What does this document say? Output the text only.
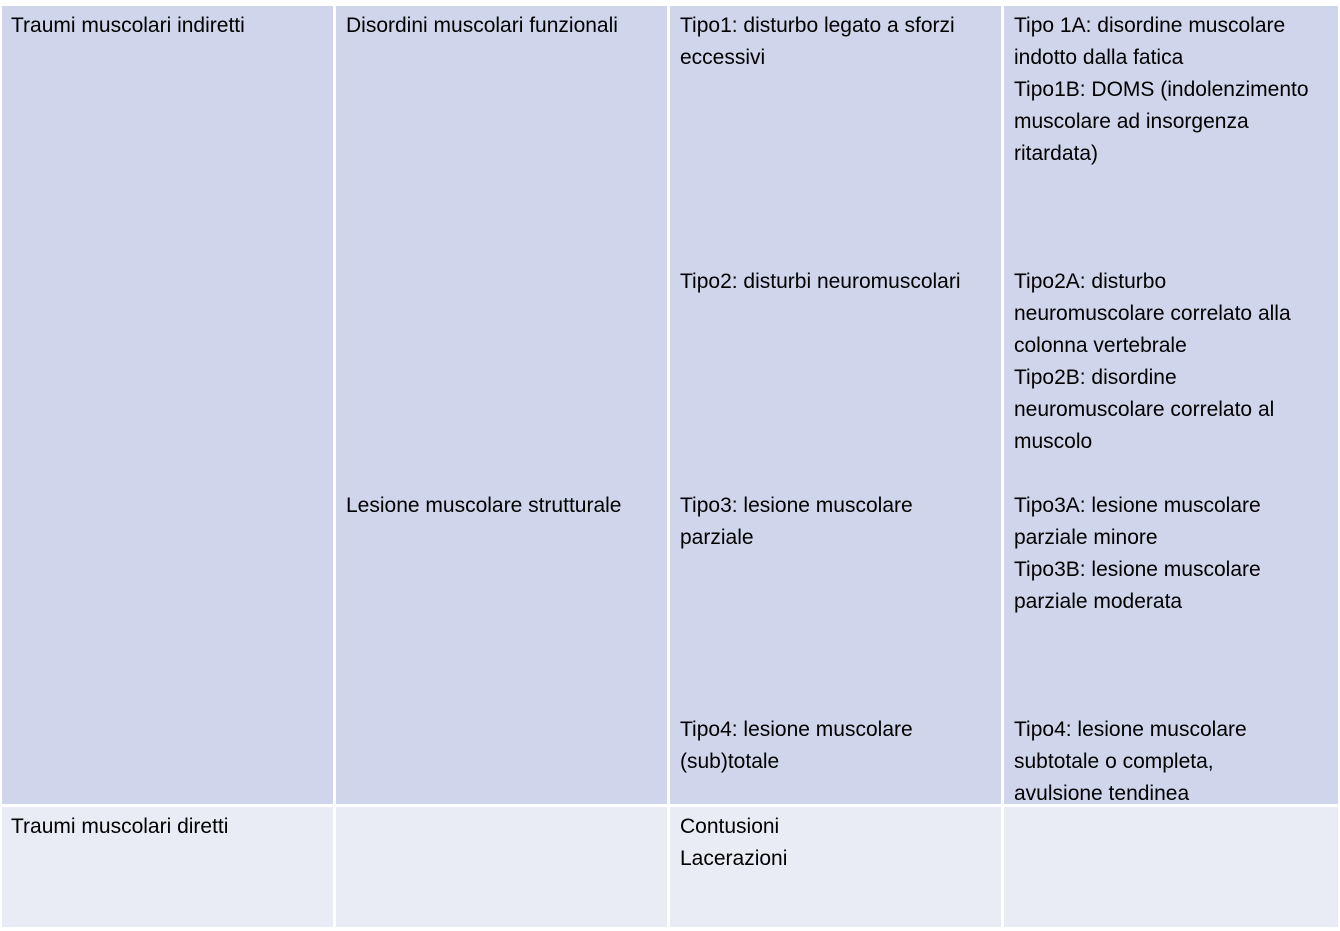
Traumi muscolari indiretti	Disordini muscolari funzionali
Lesione muscolare strutturale
Tipo1: disturbo legato a sforzi eccessivi
Tipo2: disturbi neuromuscolari
Tipo3: lesione muscolare parziale
Tipo4: lesione muscolare (sub)totale
Tipo 1A: disordine muscolare indotto dalla fatica
Tipo1B: DOMS (indolenzimento muscolare ad insorgenza ritardata)
Tipo2A: disturbo neuromuscolare correlato alla colonna vertebrale
Tipo2B: disordine neuromuscolare correlato al muscolo
Tipo3A: lesione muscolare parziale minore
Tipo3B: lesione muscolare parziale moderata
Tipo4: lesione muscolare subtotale o completa, avulsione tendinea
Traumi muscolari diretti	Contusioni
Lacerazioni
